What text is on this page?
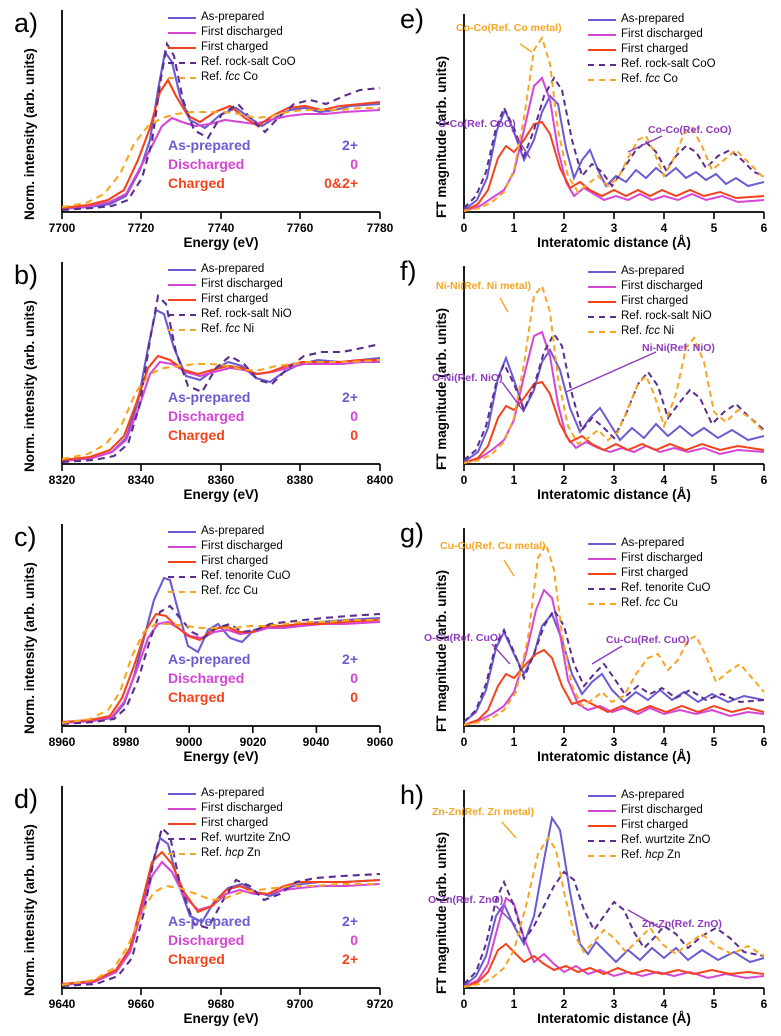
a)
Norm. intensity (arb. units)
7700	7720	7740	7760	7780
Energy (eV)
As-prepared
First discharged
First charged
Ref. rock-salt CoO
Ref. fcc Co
As-prepared	2+
Discharged	0
Charged	0&2+
b)
Norm. intensity (arb. units)
8320	8340	8360	8380	8400
Energy (eV)
As-prepared
First discharged
First charged
Ref. rock-salt NiO
Ref. fcc Ni
As-prepared	2+
Discharged	0
Charged	0
c)
Norm. intensity (arb. units)
8960	8980	9000	9020	9040	9060
Energy (eV)
As-prepared
First discharged
First charged
Ref. tenorite CuO
Ref. fcc Cu
As-prepared	2+
Discharged	0
Charged	0
d)
Norm. intensity (arb. units)
9640	9660	9680	9700	9720
Energy (eV)
As-prepared
First discharged
First charged
Ref. wurtzite ZnO
Ref. hcp Zn
As-prepared	2+
Discharged	0
Charged	2+
e)
FT magnitude (arb. units)
0	1	2	3	4	5	6
Interatomic distance (Å)
As-prepared
First discharged
First charged
Ref. rock-salt CoO
Ref. fcc Co
Co-Co(Ref. Co metal)
O-Co(Ref. CoO)	Co-Co(Ref. CoO)
f)
FT magnitude (arb. units)
0	1	2	3	4	5	6
Interatomic distance (Å)
As-prepared
First discharged
First charged
Ref. rock-salt NiO
Ref. fcc Ni
Ni-Ni(Ref. Ni metal)
O-Ni(Ref. NiO)
Ni-Ni(Ref. NiO)
g)
FT magnitude (arb. units)
0	1	2	3	4	5	6
Interatomic distance (Å)
As-prepared
First discharged
First charged
Ref. tenorite CuO
Ref. fcc Cu
Cu-Cu(Ref. Cu metal)
O-Cu(Ref. CuO)	Cu-Cu(Ref. CuO)
h)
FT magnitude (arb. units)
0	1	2	3	4	5	6
Interatomic distance (Å)
As-prepared
First discharged
First charged
Ref. wurtzite ZnO
Ref. hcp Zn
Zn-Zn(Ref. Zn metal)
O-Zn(Ref. ZnO)
Zn-Zn(Ref. ZnO)
